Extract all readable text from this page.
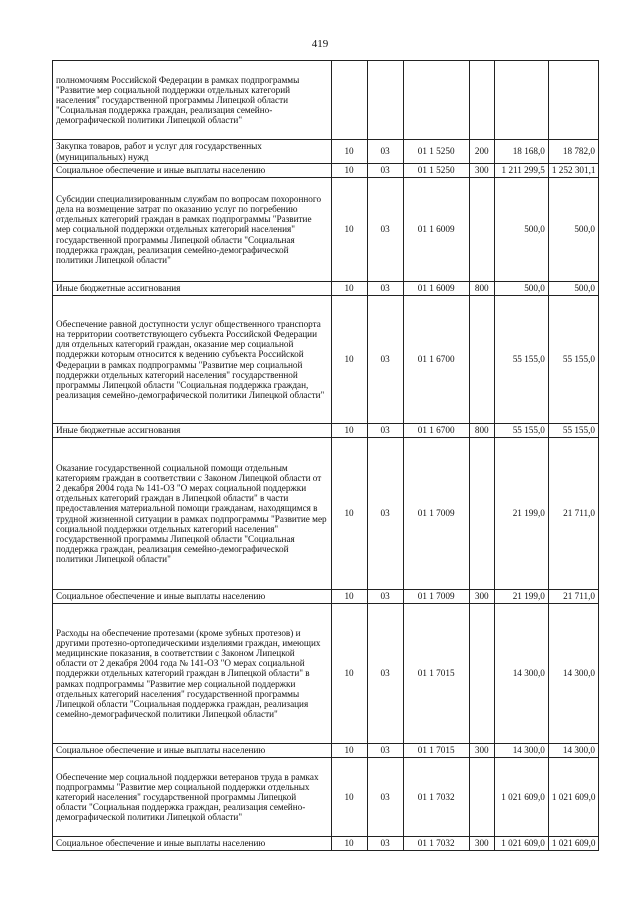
419
полномочиям Российской Федерации в рамках подпрограммы "Развитие мер социальной поддержки отдельных категорий населения" государственной программы Липецкой области "Социальная поддержка граждан, реализация семейно-демографической политики Липецкой области"						
Закупка товаров, работ и услуг для государственных (муниципальных) нужд	10	03	01 1 5250	200	18 168,0	18 782,0
Социальное обеспечение и иные выплаты населению	10	03	01 1 5250	300	1 211 299,5	1 252 301,1
Субсидии специализированным службам по вопросам похоронного дела на возмещение затрат по оказанию услуг по погребению отдельных категорий граждан в рамках подпрограммы "Развитие мер социальной поддержки отдельных категорий населения" государственной программы Липецкой области "Социальная поддержка граждан, реализация семейно-демографической политики Липецкой области"	10	03	01 1 6009		500,0	500,0
Иные бюджетные ассигнования	10	03	01 1 6009	800	500,0	500,0
Обеспечение равной доступности услуг общественного транспорта на территории соответствующего субъекта Российской Федерации для отдельных категорий граждан, оказание мер социальной поддержки которым относится к ведению субъекта Российской Федерации в рамках подпрограммы "Развитие мер социальной поддержки отдельных категорий населения" государственной программы Липецкой области "Социальная поддержка граждан, реализация семейно-демографической политики Липецкой области"	10	03	01 1 6700		55 155,0	55 155,0
Иные бюджетные ассигнования	10	03	01 1 6700	800	55 155,0	55 155,0
Оказание государственной социальной помощи отдельным категориям граждан в соответствии с Законом Липецкой области от 2 декабря 2004 года № 141-ОЗ "О мерах социальной поддержки отдельных категорий граждан в Липецкой области" в части предоставления материальной помощи гражданам, находящимся в трудной жизненной ситуации в рамках подпрограммы "Развитие мер социальной поддержки отдельных категорий населения" государственной программы Липецкой области "Социальная поддержка граждан, реализация семейно-демографической политики Липецкой области"	10	03	01 1 7009		21 199,0	21 711,0
Социальное обеспечение и иные выплаты населению	10	03	01 1 7009	300	21 199,0	21 711,0
Расходы на обеспечение протезами (кроме зубных протезов) и другими протезно-ортопедическими изделиями граждан, имеющих медицинские показания, в соответствии с Законом Липецкой области от 2 декабря 2004 года № 141-ОЗ "О мерах социальной поддержки отдельных категорий граждан в Липецкой области" в рамках подпрограммы "Развитие мер социальной поддержки отдельных категорий населения" государственной программы Липецкой области "Социальная поддержка граждан, реализация семейно-демографической политики Липецкой области"	10	03	01 1 7015		14 300,0	14 300,0
Социальное обеспечение и иные выплаты населению	10	03	01 1 7015	300	14 300,0	14 300,0
Обеспечение мер социальной поддержки ветеранов труда в рамках подпрограммы "Развитие мер социальной поддержки отдельных категорий населения" государственной программы Липецкой области "Социальная поддержка граждан, реализация семейно-демографической политики Липецкой области"	10	03	01 1 7032		1 021 609,0	1 021 609,0
Социальное обеспечение и иные выплаты населению	10	03	01 1 7032	300	1 021 609,0	1 021 609,0
